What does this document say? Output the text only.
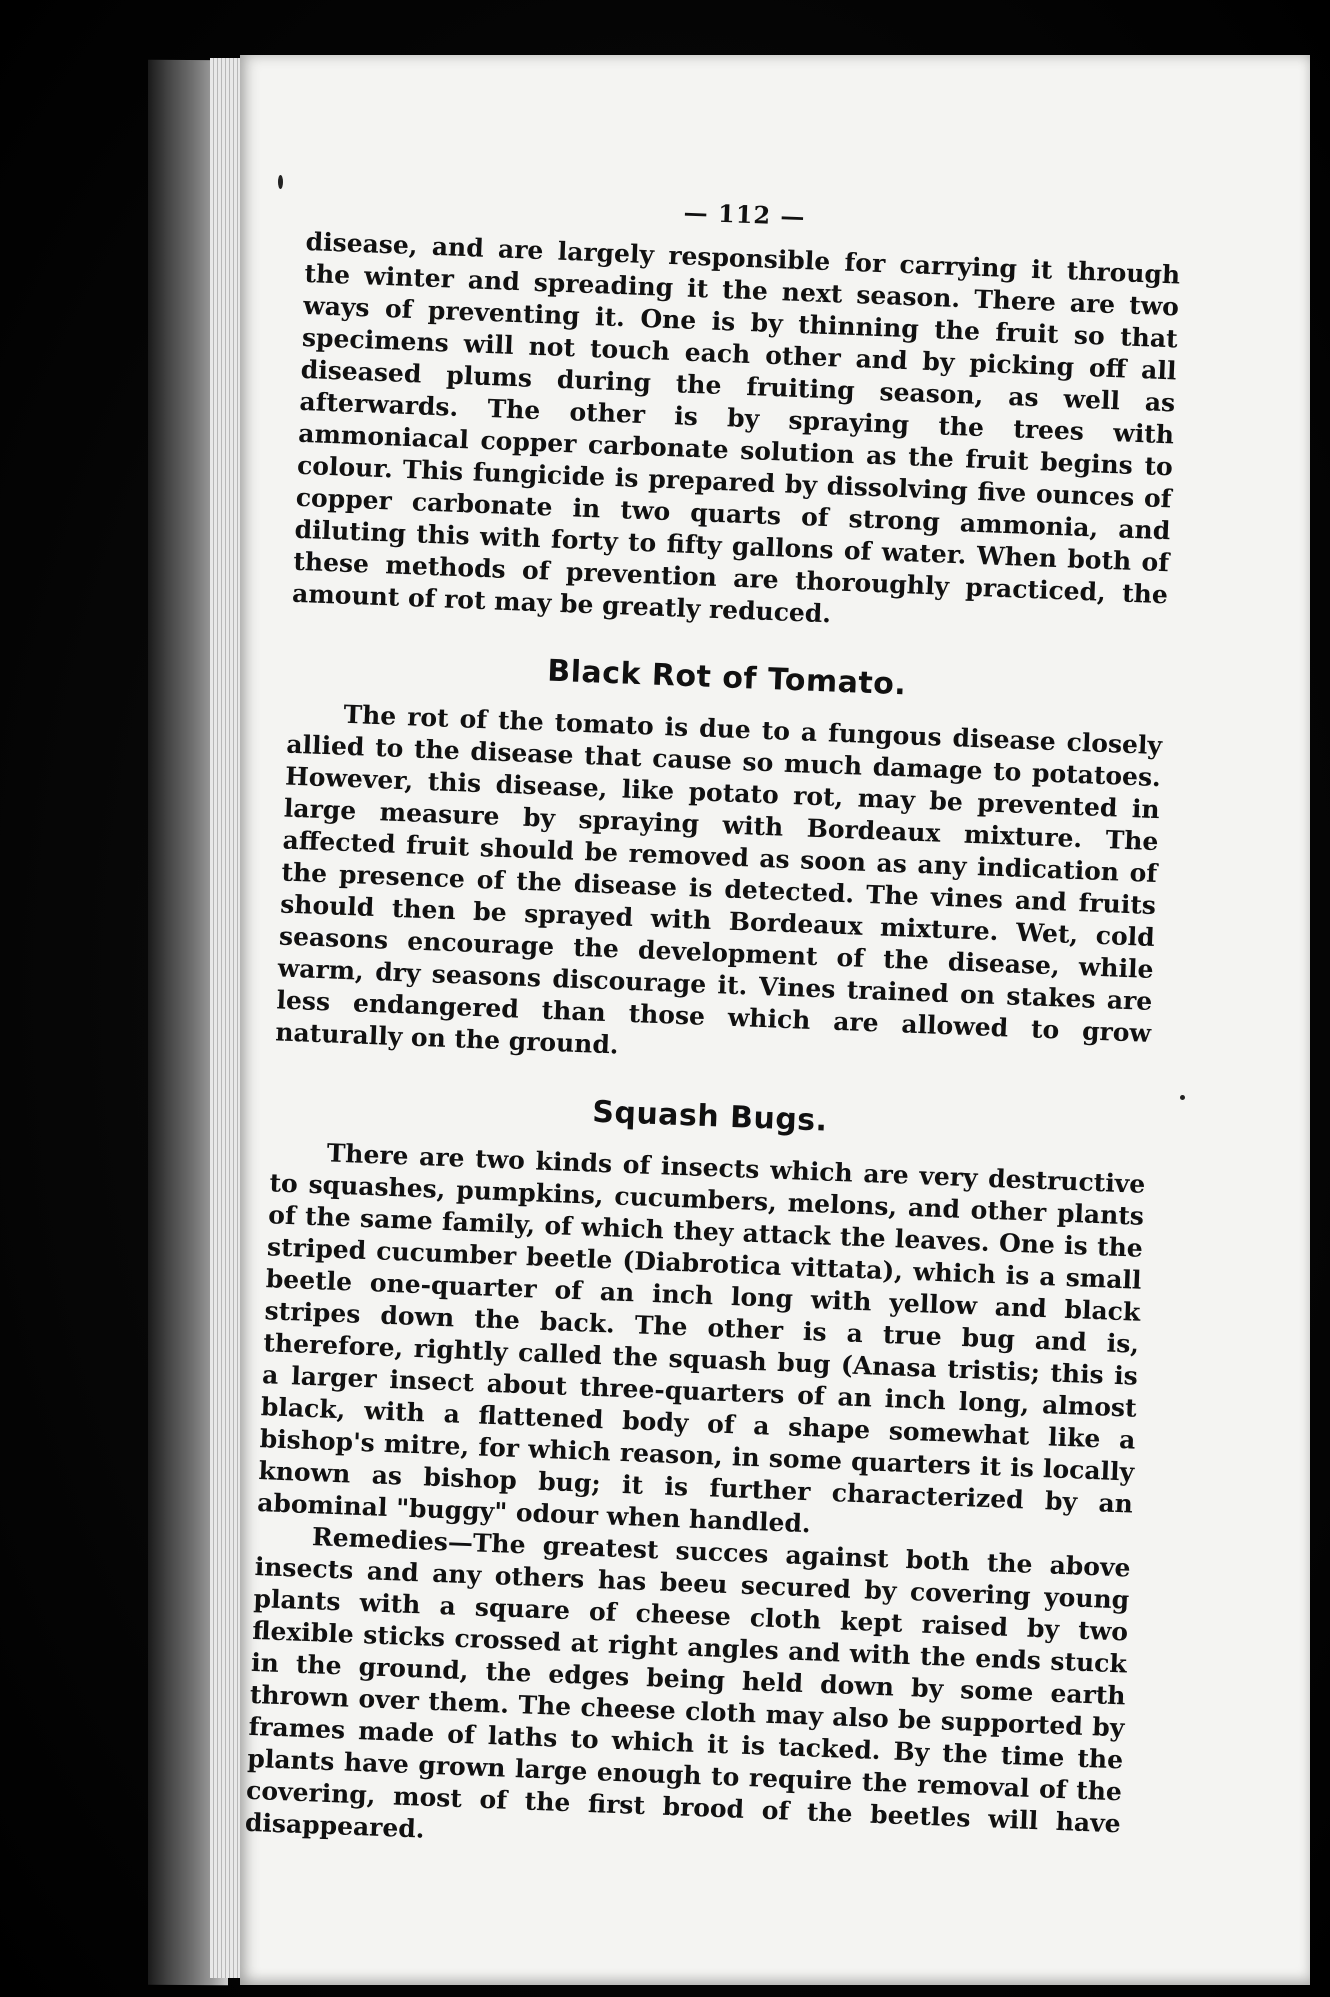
— 112 —

disease, and are largely responsible for carrying it through the winter and spreading it the next season. There are two ways of preventing it. One is by thinning the fruit so that specimens will not touch each other and by picking off all diseased plums during the fruiting season, as well as afterwards. The other is by spraying the trees with ammoniacal copper carbonate solution as the fruit begins to colour. This fungicide is prepared by dissolving five ounces of copper carbonate in two quarts of strong ammonia, and diluting this with forty to fifty gallons of water. When both of these methods of prevention are thoroughly practiced, the amount of rot may be greatly reduced.

Black Rot of Tomato.

The rot of the tomato is due to a fungous disease closely allied to the disease that cause so much damage to potatoes. However, this disease, like potato rot, may be prevented in large measure by spraying with Bordeaux mixture. The affected fruit should be removed as soon as any indication of the presence of the disease is detected. The vines and fruits should then be sprayed with Bordeaux mixture. Wet, cold seasons encourage the development of the disease, while warm, dry seasons discourage it. Vines trained on stakes are less endangered than those which are allowed to grow naturally on the ground.

Squash Bugs.

There are two kinds of insects which are very destructive to squashes, pumpkins, cucumbers, melons, and other plants of the same family, of which they attack the leaves. One is the striped cucumber beetle (Diabrotica vittata), which is a small beetle one-quarter of an inch long with yellow and black stripes down the back. The other is a true bug and is, therefore, rightly called the squash bug (Anasa tristis; this is a larger insect about three-quarters of an inch long, almost black, with a flattened body of a shape somewhat like a bishop's mitre, for which reason, in some quarters it is locally known as bishop bug; it is further characterized by an abominal "buggy" odour when handled.

Remedies—The greatest succes against both the above insects and any others has beeu secured by covering young plants with a square of cheese cloth kept raised by two flexible sticks crossed at right angles and with the ends stuck in the ground, the edges being held down by some earth thrown over them. The cheese cloth may also be supported by frames made of laths to which it is tacked. By the time the plants have grown large enough to require the removal of the covering, most of the first brood of the beetles will have disappeared.
